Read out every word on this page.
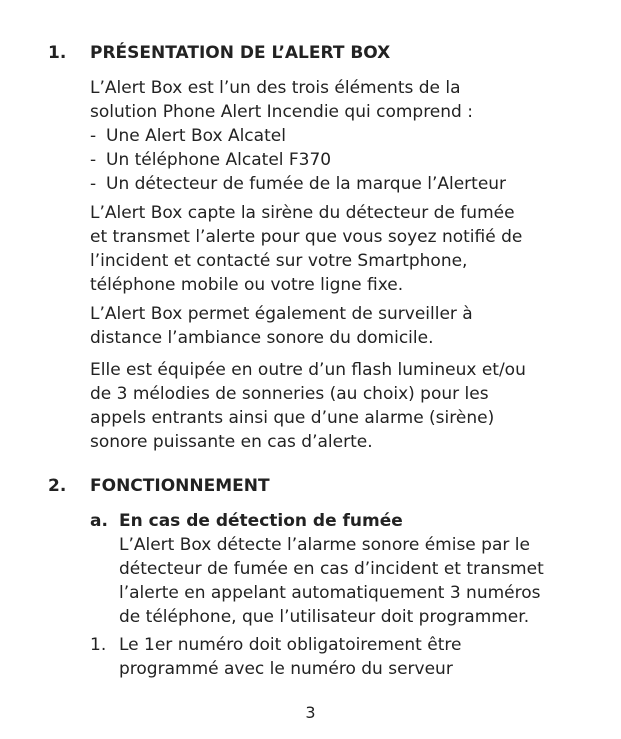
1. PRÉSENTATION DE L’ALERT BOX
L’Alert Box est l’un des trois éléments de la
solution Phone Alert Incendie qui comprend :
- Une Alert Box Alcatel
- Un téléphone Alcatel F370
- Un détecteur de fumée de la marque l’Alerteur
L’Alert Box capte la sirène du détecteur de fumée
et transmet l’alerte pour que vous soyez notifié de
l’incident et contacté sur votre Smartphone,
téléphone mobile ou votre ligne fixe.
L’Alert Box permet également de surveiller à
distance l’ambiance sonore du domicile.
Elle est équipée en outre d’un flash lumineux et/ou
de 3 mélodies de sonneries (au choix) pour les
appels entrants ainsi que d’une alarme (sirène)
sonore puissante en cas d’alerte.
2. FONCTIONNEMENT
a. En cas de détection de fumée
L’Alert Box détecte l’alarme sonore émise par le
détecteur de fumée en cas d’incident et transmet
l’alerte en appelant automatiquement 3 numéros
de téléphone, que l’utilisateur doit programmer.
1. Le 1er numéro doit obligatoirement être
programmé avec le numéro du serveur
3
